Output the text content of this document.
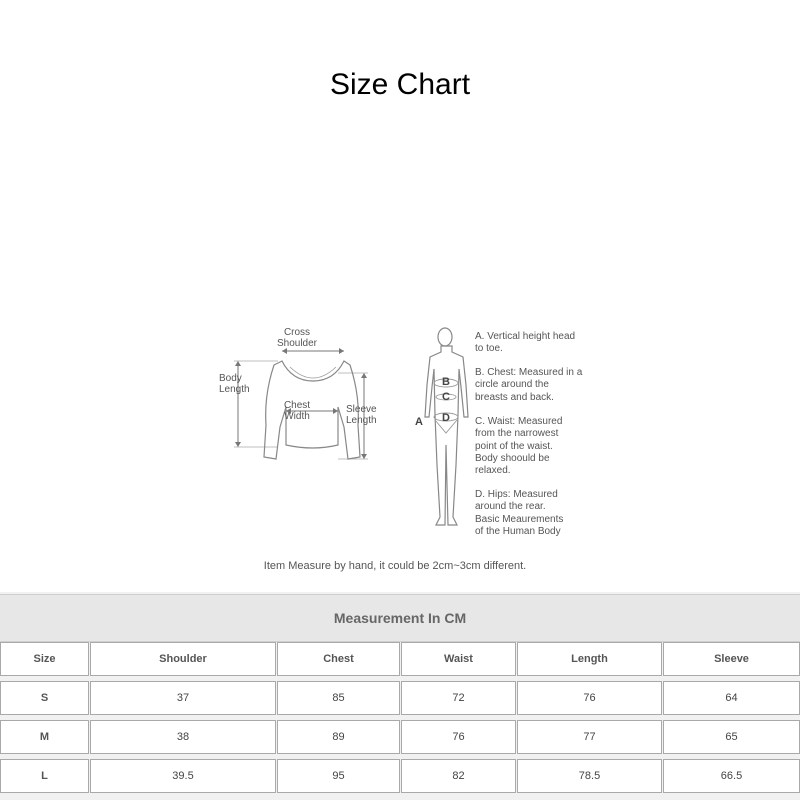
Size Chart
Cross
Shoulder
Body
Length
Chest
Width
Sleeve
Length
B
C
D
A
A. Vertical height head
to toe.
B. Chest: Measured in a
circle around the
breasts and back.
C. Waist: Measured
from the narrowest
point of the waist.
Body shoould be
relaxed.
D. Hips: Measured
around the rear.
Basic Meaurements
of the Human Body
Item Measure by hand, it could be 2cm~3cm different.
Measurement In CM
Size	Shoulder	Chest	Waist	Length	Sleeve
S	37	85	72	76	64
M	38	89	76	77	65
L	39.5	95	82	78.5	66.5
